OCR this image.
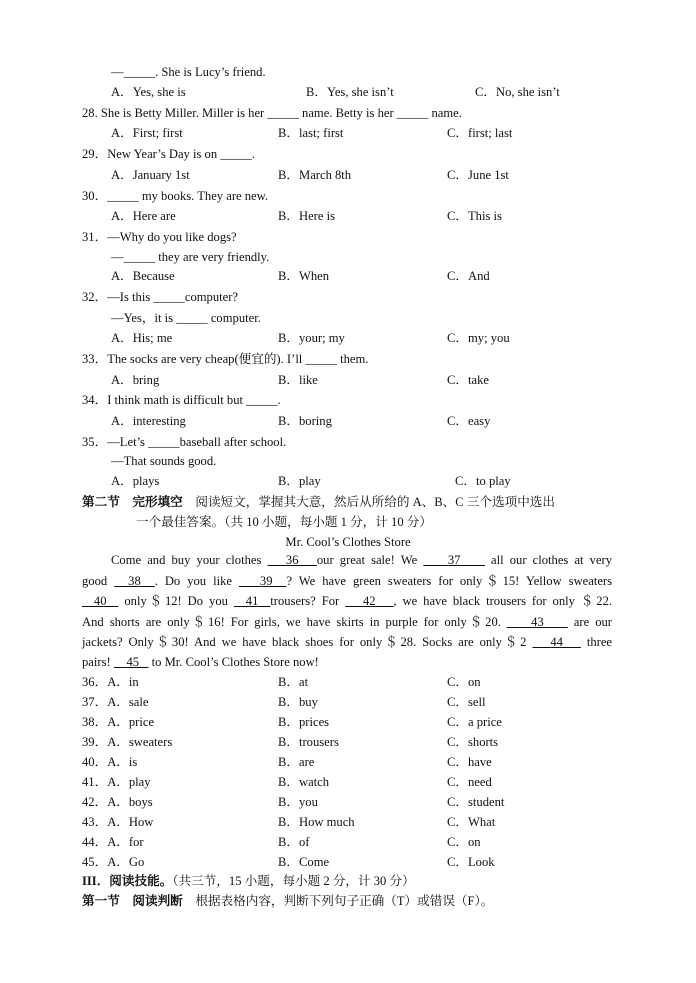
—_____. She is Lucy’s friend.
A．Yes, she is	B．Yes, she isn’t	C．No, she isn’t
28. She is Betty Miller. Miller is her _____ name. Betty is her _____ name.
A．First; first	B．last; first	C．first; last
29．New Year’s Day is on _____.
A．January 1st	B．March 8th	C．June 1st
30．_____ my books. They are new.
A．Here are	B．Here is	C．This is
31．—Why do you like dogs?
—_____ they are very friendly.
A．Because	B．When	C．And
32．—Is this _____computer?
—Yes，it is _____ computer.
A．His; me	B．your; my	C．my; you
33．The socks are very cheap(便宜的). I’ll _____ them.
A．bring	B．like	C．take
34．I think math is difficult but _____.
A．interesting	B．boring	C．easy
35．—Let’s _____baseball after school.
—That sounds good.
A．plays	B．play	C．to play
第二节　完形填空　 阅读短文，掌握其大意，然后从所给的 A、B、C 三个选项中选出
一个最佳答案。（共 10 小题，每小题 1 分，计 10 分）
Mr. Cool’s Clothes Store
Come and buy your clothes 36 our great sale! We 37 all our clothes at very
good 38 . Do you like 39 ? We have green sweaters for only＄15! Yellow sweaters
40 only＄12! Do you 41 trousers? For 42 , we have black trousers for only ＄22.
And shorts are only＄16! For girls, we have skirts in purple for only＄20. 43 are our
jackets? Only＄30! And we have black shoes for only＄28. Socks are only＄2 44 three
pairs! 45 to Mr. Cool’s Clothes Store now!
36．A．in	B．at	C．on
37．A．sale	B．buy	C．sell
38．A．price	B．prices	C．a price
39．A．sweaters	B．trousers	C．shorts
40．A．is	B．are	C．have
41．A．play	B．watch	C．need
42．A．boys	B．you	C．student
43．A．How	B．How much	C．What
44．A．for	B．of	C．on
45．A．Go	B．Come	C．Look
III．阅读技能。（共三节，15 小题，每小题 2 分，计 30 分）
第一节　阅读判断　 根据表格内容，判断下列句子正确（T）或错误（F）。
